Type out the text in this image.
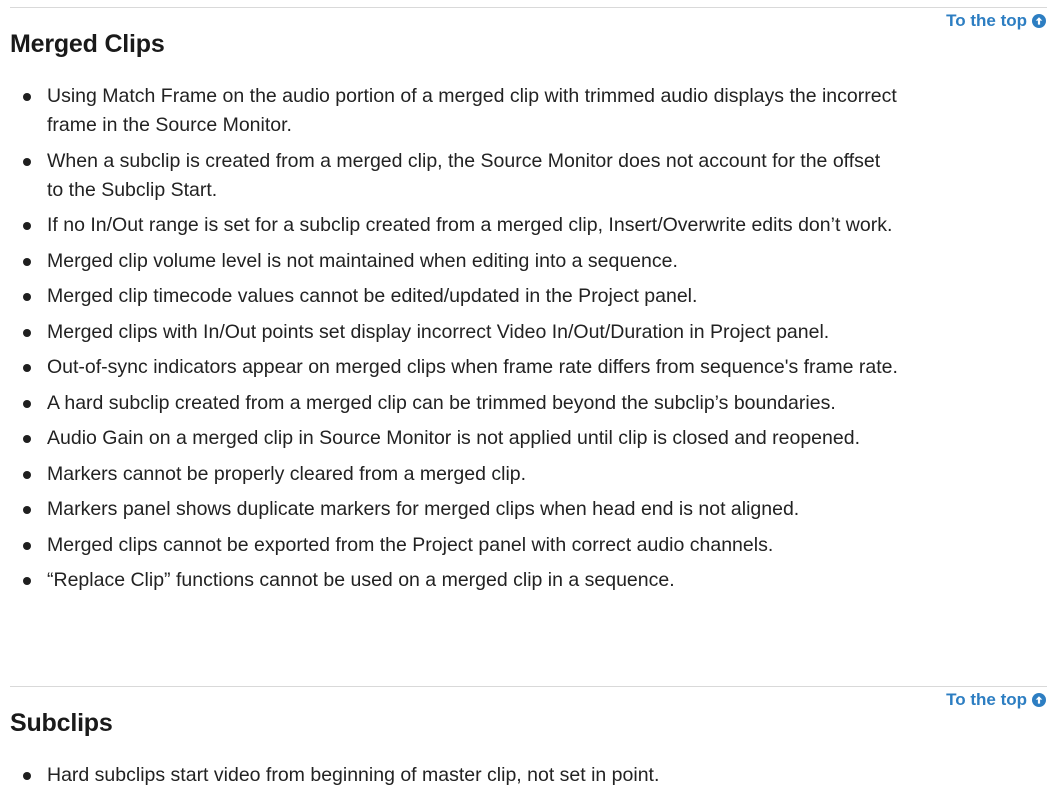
To the top
Merged Clips
Using Match Frame on the audio portion of a merged clip with trimmed audio displays the incorrect frame in the Source Monitor.
When a subclip is created from a merged clip, the Source Monitor does not account for the offset to the Subclip Start.
If no In/Out range is set for a subclip created from a merged clip, Insert/Overwrite edits don’t work.
Merged clip volume level is not maintained when editing into a sequence.
Merged clip timecode values cannot be edited/updated in the Project panel.
Merged clips with In/Out points set display incorrect Video In/Out/Duration in Project panel.
Out-of-sync indicators appear on merged clips when frame rate differs from sequence's frame rate.
A hard subclip created from a merged clip can be trimmed beyond the subclip’s boundaries.
Audio Gain on a merged clip in Source Monitor is not applied until clip is closed and reopened.
Markers cannot be properly cleared from a merged clip.
Markers panel shows duplicate markers for merged clips when head end is not aligned.
Merged clips cannot be exported from the Project panel with correct audio channels.
“Replace Clip” functions cannot be used on a merged clip in a sequence.
To the top
Subclips
Hard subclips start video from beginning of master clip, not set in point.
